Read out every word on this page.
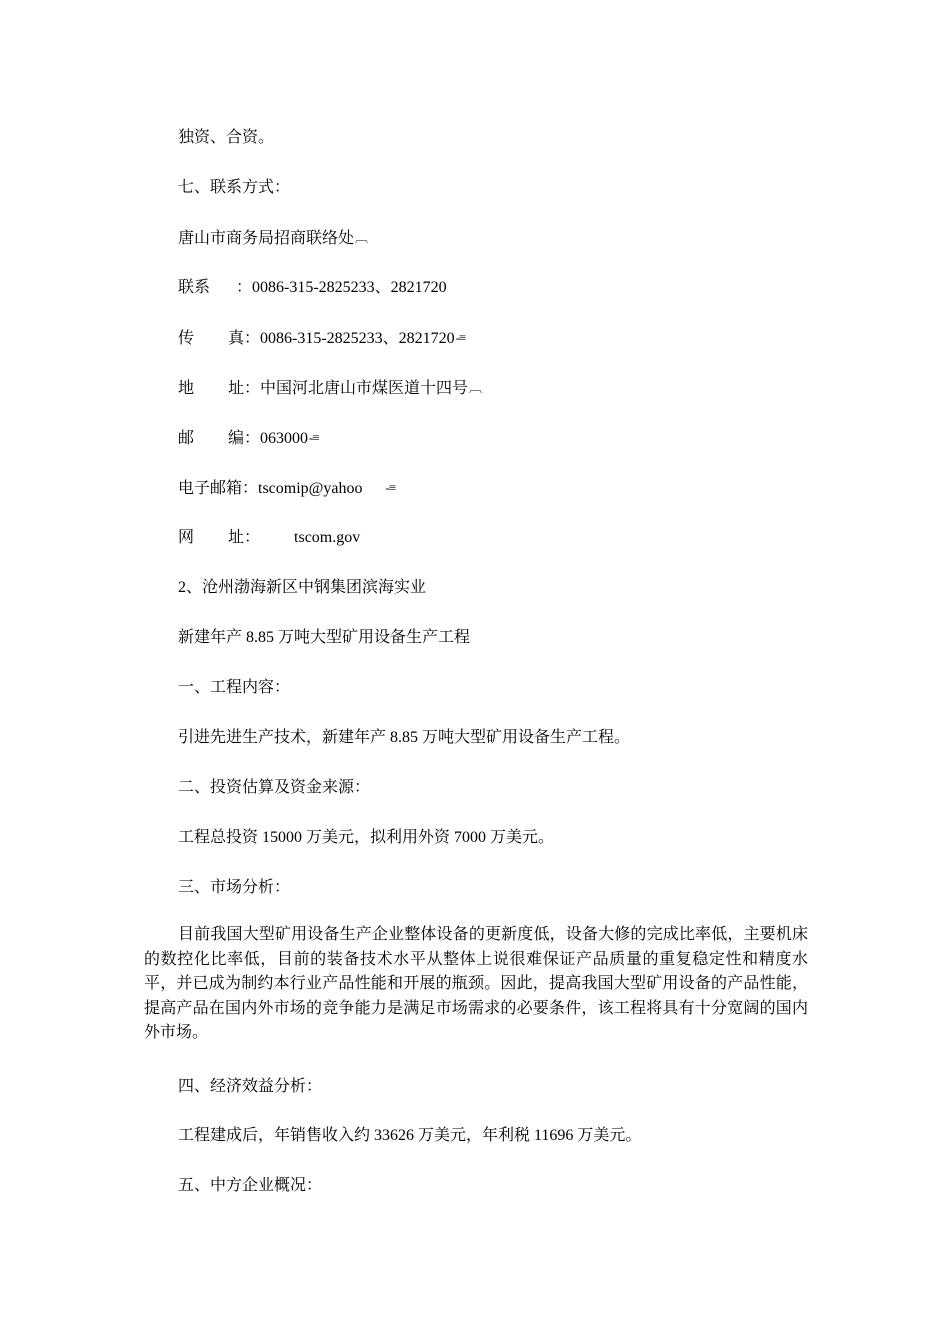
独资、合资。
七、联系方式：
唐山市商务局招商联络处︹
联系 ：0086-315-2825233、2821720
传 真：0086-315-2825233、2821720-≡
地 址：中国河北唐山市煤医道十四号︹
邮 编：063000-≡
电子邮箱：tscomip@yahoo -≡
网 址： tscom.gov
2、沧州渤海新区中钢集团滨海实业
新建年产 8.85 万吨大型矿用设备生产工程
一、工程内容：
引进先进生产技术，新建年产 8.85 万吨大型矿用设备生产工程。
二、投资估算及资金来源：
工程总投资 15000 万美元，拟利用外资 7000 万美元。
三、市场分析：
目前我国大型矿用设备生产企业整体设备的更新度低，设备大修的完成比率低，主要机床的数控化比率低，目前的装备技术水平从整体上说很难保证产品质量的重复稳定性和精度水平，并已成为制约本行业产品性能和开展的瓶颈。因此，提高我国大型矿用设备的产品性能，提高产品在国内外市场的竞争能力是满足市场需求的必要条件，该工程将具有十分宽阔的国内外市场。
四、经济效益分析：
工程建成后，年销售收入约 33626 万美元，年利税 11696 万美元。
五、中方企业概况：
